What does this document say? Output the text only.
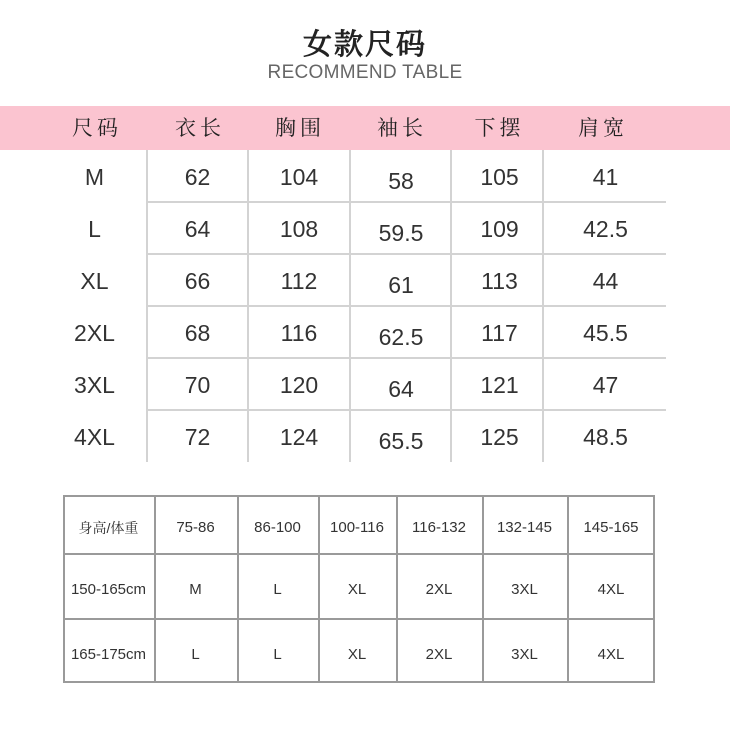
女款尺码
RECOMMEND TABLE
尺码	衣长	胸围	袖长	下摆	肩宽
M	62	104	58	105	41
L	64	108	59.5	109	42.5
XL	66	112	61	113	44
2XL	68	116	62.5	117	45.5
3XL	70	120	64	121	47
4XL	72	124	65.5	125	48.5
身高/体重	75-86	86-100	100-116	116-132	132-145	145-165
150-165cm	M	L	XL	2XL	3XL	4XL
165-175cm	L	L	XL	2XL	3XL	4XL
